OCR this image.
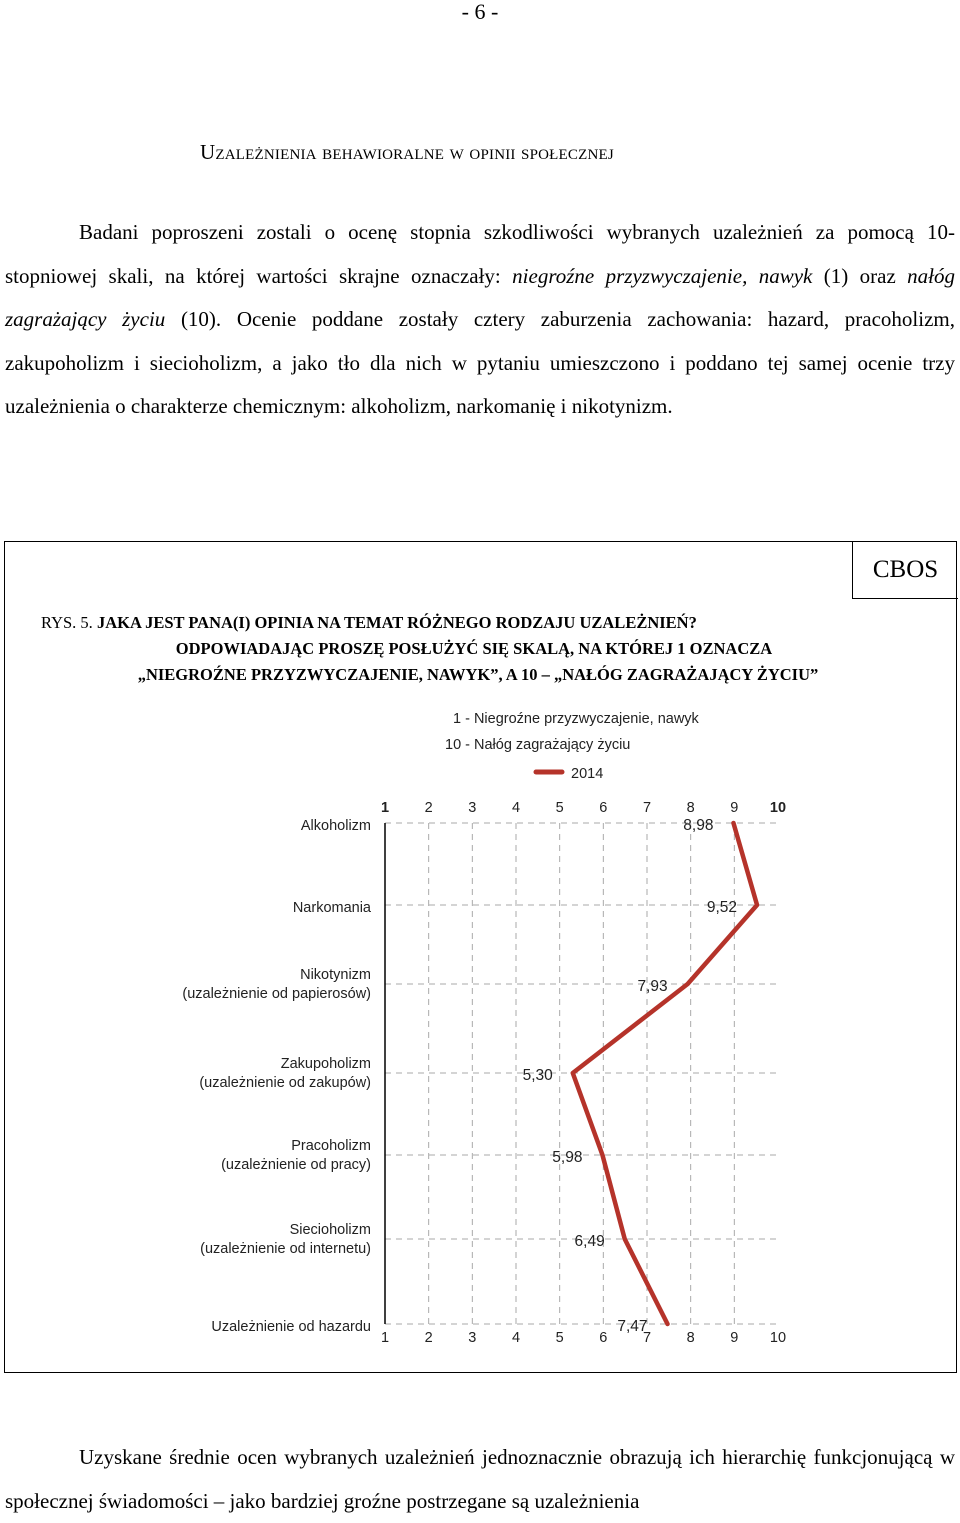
- 6 -
Uzależnienia behawioralne w opinii społecznej

Badani poproszeni zostali o ocenę stopnia szkodliwości wybranych uzależnień za pomocą 10-stopniowej skali, na której wartości skrajne oznaczały: niegroźne przyzwyczajenie, nawyk (1) oraz nałóg zagrażający życiu (10). Ocenie poddane zostały cztery zaburzenia zachowania: hazard, pracoholizm, zakupoholizm i siecioholizm, a jako tło dla nich w pytaniu umieszczono i poddano tej samej ocenie trzy uzależnienia o charakterze chemicznym: alkoholizm, narkomanię i nikotynizm.

CBOS
RYS. 5. JAKA JEST PANA(I) OPINIA NA TEMAT RÓŻNEGO RODZAJU UZALEŻNIEŃ?
ODPOWIADAJĄC PROSZĘ POSŁUŻYĆ SIĘ SKALĄ, NA KTÓREJ 1 OZNACZA
„NIEGROŹNE PRZYZWYCZAJENIE, NAWYK”, A 10 – „NAŁÓG ZAGRAŻAJĄCY ŻYCIU”
1 - Niegroźne przyzwyczajenie, nawyk
10 - Nałóg zagrażający życiu
2014
1
1
2
2
3
3
4
4
5
5
6
6
7
7
8
8
9
9
10
10
Alkoholizm
Narkomania
Nikotynizm
(uzależnienie od papierosów)
Zakupoholizm
(uzależnienie od zakupów)
Pracoholizm
(uzależnienie od pracy)
Siecioholizm
(uzależnienie od internetu)
Uzależnienie od hazardu
8,98
9,52
7,93
5,30
5,98
6,49
7,47

Uzyskane średnie ocen wybranych uzależnień jednoznacznie obrazują ich hierarchię funkcjonującą w społecznej świadomości – jako bardziej groźne postrzegane są uzależnienia
